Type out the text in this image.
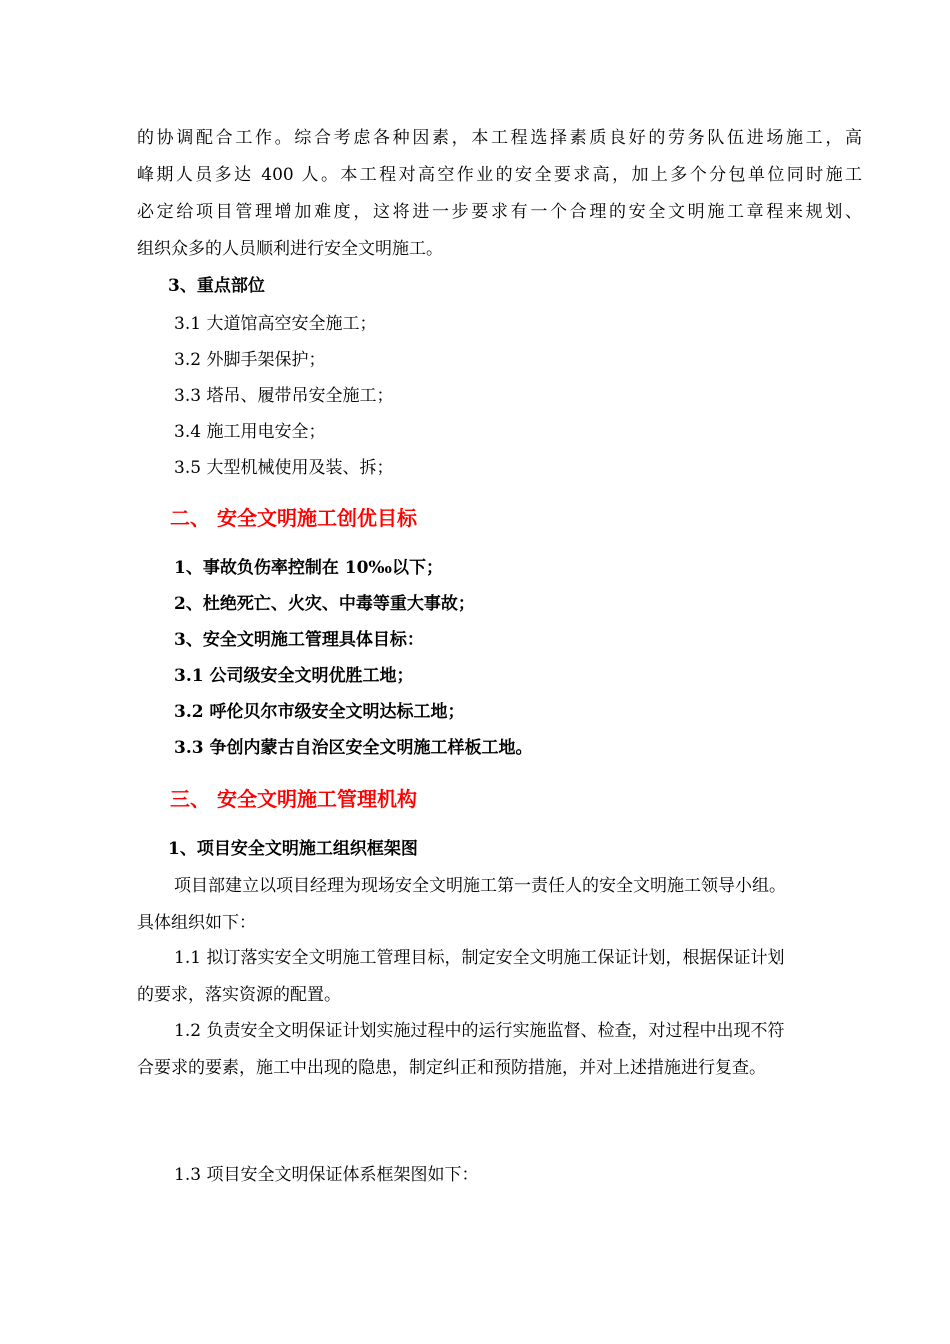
的协调配合工作。综合考虑各种因素，本工程选择素质良好的劳务队伍进场施工，高
峰期人员多达 400 人。本工程对高空作业的安全要求高，加上多个分包单位同时施工
必定给项目管理增加难度，这将进一步要求有一个合理的安全文明施工章程来规划、
组织众多的人员顺利进行安全文明施工。
3、重点部位
3.1 大道馆高空安全施工；
3.2 外脚手架保护；
3.3 塔吊、履带吊安全施工；
3.4 施工用电安全；
3.5 大型机械使用及装、拆；
二、 安全文明施工创优目标
1、事故负伤率控制在 10‰以下；
2、杜绝死亡、火灾、中毒等重大事故；
3、安全文明施工管理具体目标：
3.1 公司级安全文明优胜工地；
3.2 呼伦贝尔市级安全文明达标工地；
3.3 争创内蒙古自治区安全文明施工样板工地。
三、 安全文明施工管理机构
1、项目安全文明施工组织框架图
项目部建立以项目经理为现场安全文明施工第一责任人的安全文明施工领导小组。
具体组织如下：
1.1 拟订落实安全文明施工管理目标，制定安全文明施工保证计划，根据保证计划
的要求，落实资源的配置。
1.2 负责安全文明保证计划实施过程中的运行实施监督、检查，对过程中出现不符
合要求的要素，施工中出现的隐患，制定纠正和预防措施，并对上述措施进行复查。
1.3 项目安全文明保证体系框架图如下：
